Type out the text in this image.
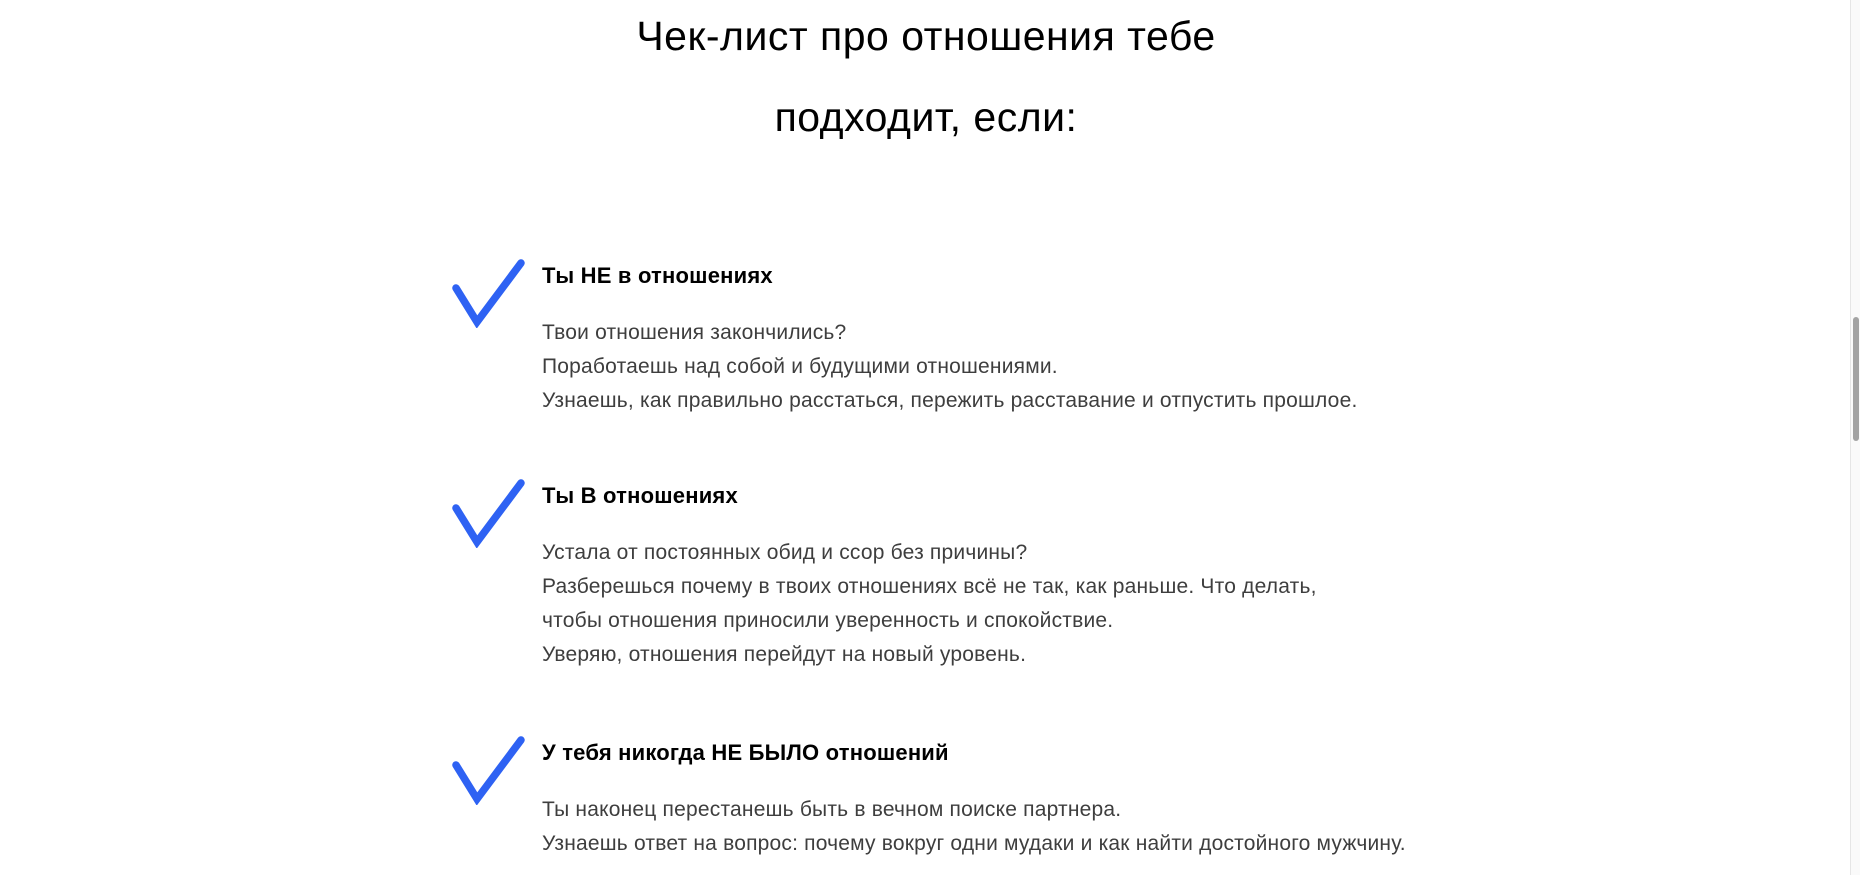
Чек-лист про отношения тебе
подходит, если:
Ты НЕ в отношениях
Твои отношения закончились?
Поработаешь над собой и будущими отношениями.
Узнаешь, как правильно расстаться, пережить расставание и отпустить прошлое.
Ты В отношениях
Устала от постоянных обид и ссор без причины?
Разберешься почему в твоих отношениях всё не так, как раньше. Что делать,
чтобы отношения приносили уверенность и спокойствие.
Уверяю, отношения перейдут на новый уровень.
У тебя никогда НЕ БЫЛО отношений
Ты наконец перестанешь быть в вечном поиске партнера.
Узнаешь ответ на вопрос: почему вокруг одни мудаки и как найти достойного мужчину.
